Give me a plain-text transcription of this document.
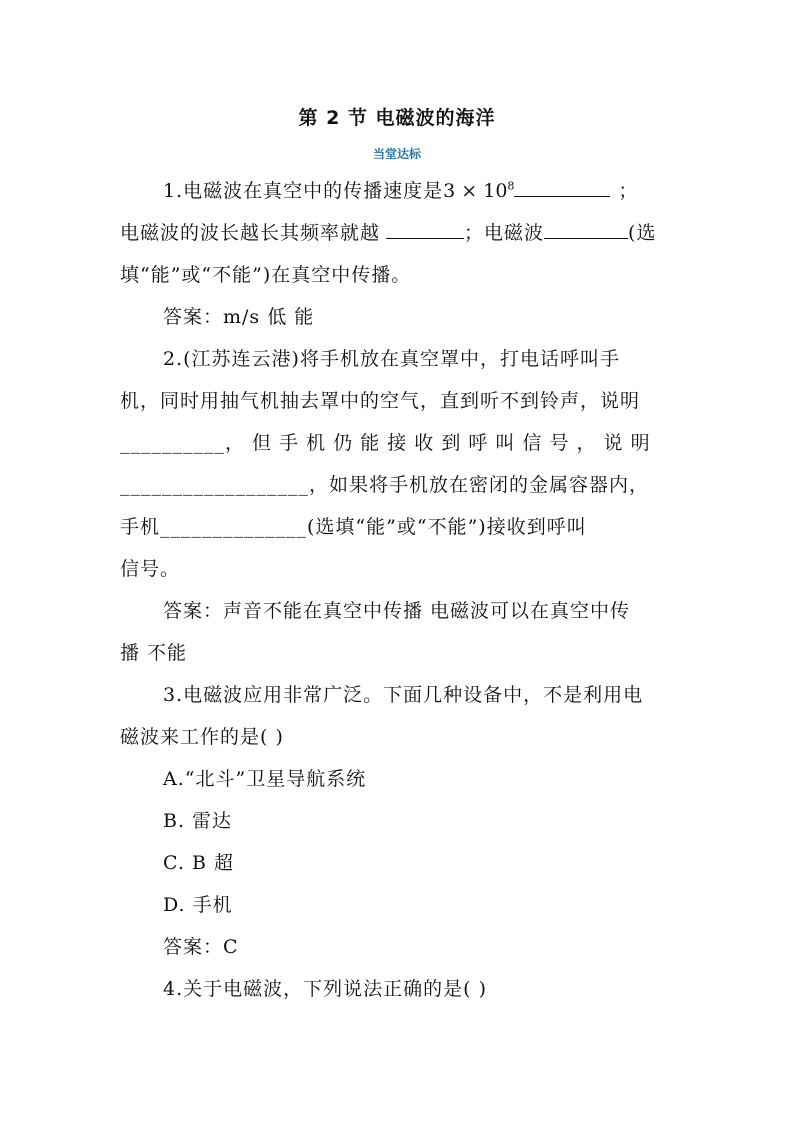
第 2 节 电磁波的海洋
当堂达标
1.电磁波在真空中的传播速度是$3 \times 10^8$	；
电磁波的波长越长其频率就越	；电磁波	(选
填“能”或“不能”)在真空中传播。
答案：m/s 低 能
2.(江苏连云港)将手机放在真空罩中，打电话呼叫手
机，同时用抽气机抽去罩中的空气，直到听不到铃声，说明
__________， 但 手 机 仍 能 接 收 到 呼 叫 信 号 ， 说 明
__________________，如果将手机放在密闭的金属容器内，
手机______________(选填“能”或“不能”)接收到呼叫
信号。
答案：声音不能在真空中传播 电磁波可以在真空中传
播 不能
3.电磁波应用非常广泛。下面几种设备中，不是利用电
磁波来工作的是( )
A.“北斗”卫星导航系统
B. 雷达
C. B 超
D. 手机
答案：C
4.关于电磁波，下列说法正确的是( )
